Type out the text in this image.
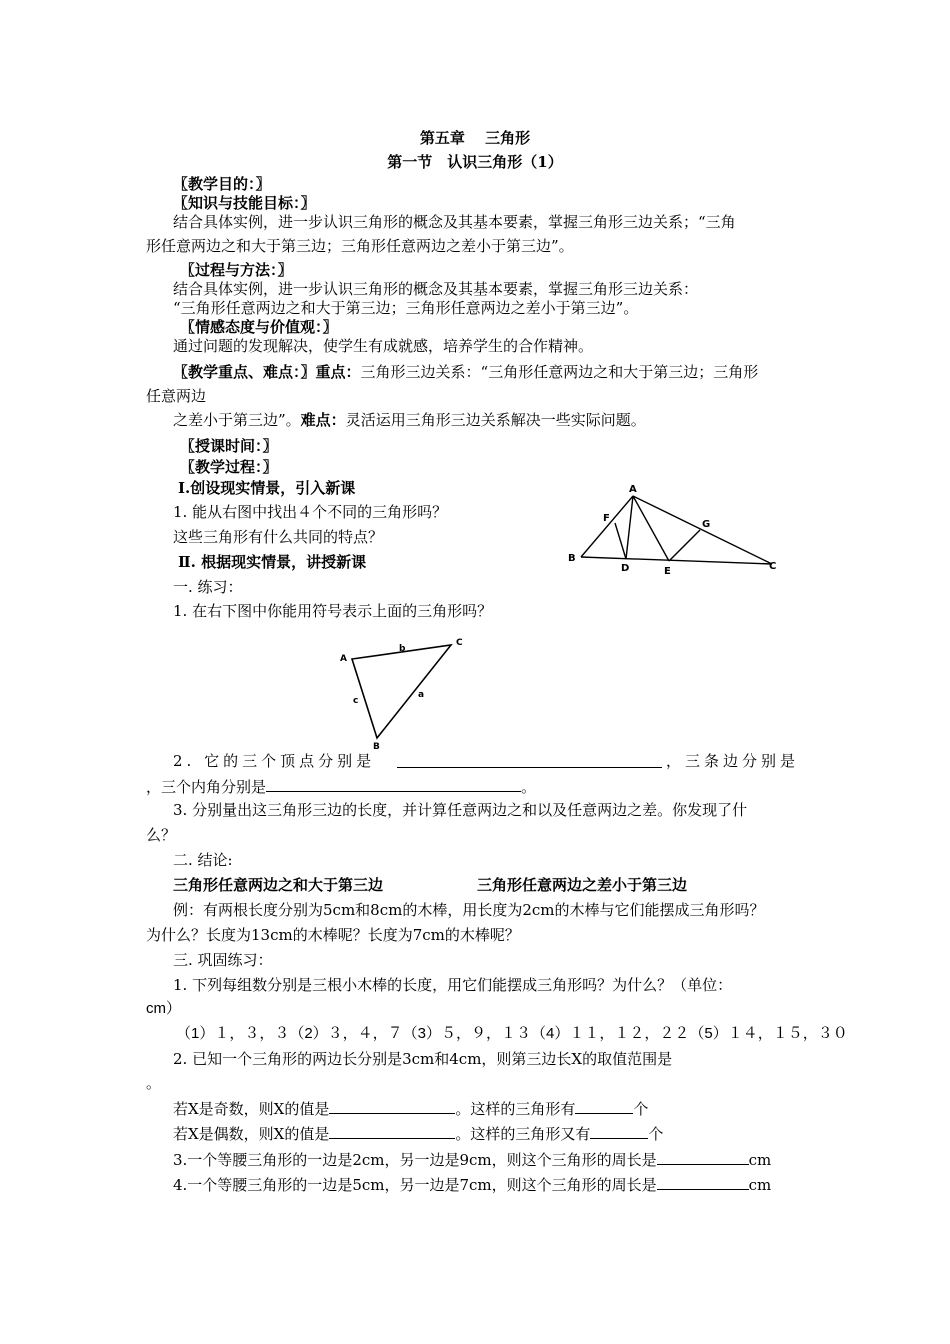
第五章　 三角形
第一节　认识三角形（1）
〖教学目的：〗
〖知识与技能目标：〗
结合具体实例，进一步认识三角形的概念及其基本要素，掌握三角形三边关系；“三角
形任意两边之和大于第三边；三角形任意两边之差小于第三边”。
〖过程与方法：〗
结合具体实例，进一步认识三角形的概念及其基本要素，掌握三角形三边关系：
“三角形任意两边之和大于第三边；三角形任意两边之差小于第三边”。
〖情感态度与价值观：〗
通过问题的发现解决，使学生有成就感，培养学生的合作精神。
〖教学重点、难点：〗重点：三角形三边关系：“三角形任意两边之和大于第三边；三角形
任意两边
之差小于第三边”。难点：灵活运用三角形三边关系解决一些实际问题。
〖授课时间：〗
〖教学过程：〗
Ⅰ.创设现实情景，引入新课
1. 能从右图中找出４个不同的三角形吗？
这些三角形有什么共同的特点？
Ⅱ. 根据现实情景，讲授新课
一. 练习：
1. 在右下图中你能用符号表示上面的三角形吗？
A
B
C
D	E
F
G
A
B
C
a
b
c
2. 它的三个顶点分别是	，三条边分别是
，三个内角分别是	。
3. 分别量出这三角形三边的长度，并计算任意两边之和以及任意两边之差。你发现了什
么？
二. 结论:
三角形任意两边之和大于第三边	三角形任意两边之差小于第三边
例：有两根长度分别为5cm和8cm的木棒，用长度为2cm的木棒与它们能摆成三角形吗？
为什么？长度为13cm的木棒呢？长度为7cm的木棒呢？
三. 巩固练习：
1. 下列每组数分别是三根小木棒的长度，用它们能摆成三角形吗？为什么？（单位：
cm）
（1）１，３，３（2）３，４，７（3）５，９，１３（4）１１，１２，２２（5）１４，１５，３０
2. 已知一个三角形的两边长分别是3cm和4cm，则第三边长X的取值范围是
。
若X是奇数，则X的值是	。这样的三角形有	个
若X是偶数，则X的值是	。这样的三角形又有	个
3.一个等腰三角形的一边是2cm，另一边是9cm，则这个三角形的周长是	cm
4.一个等腰三角形的一边是5cm，另一边是7cm，则这个三角形的周长是	cm
